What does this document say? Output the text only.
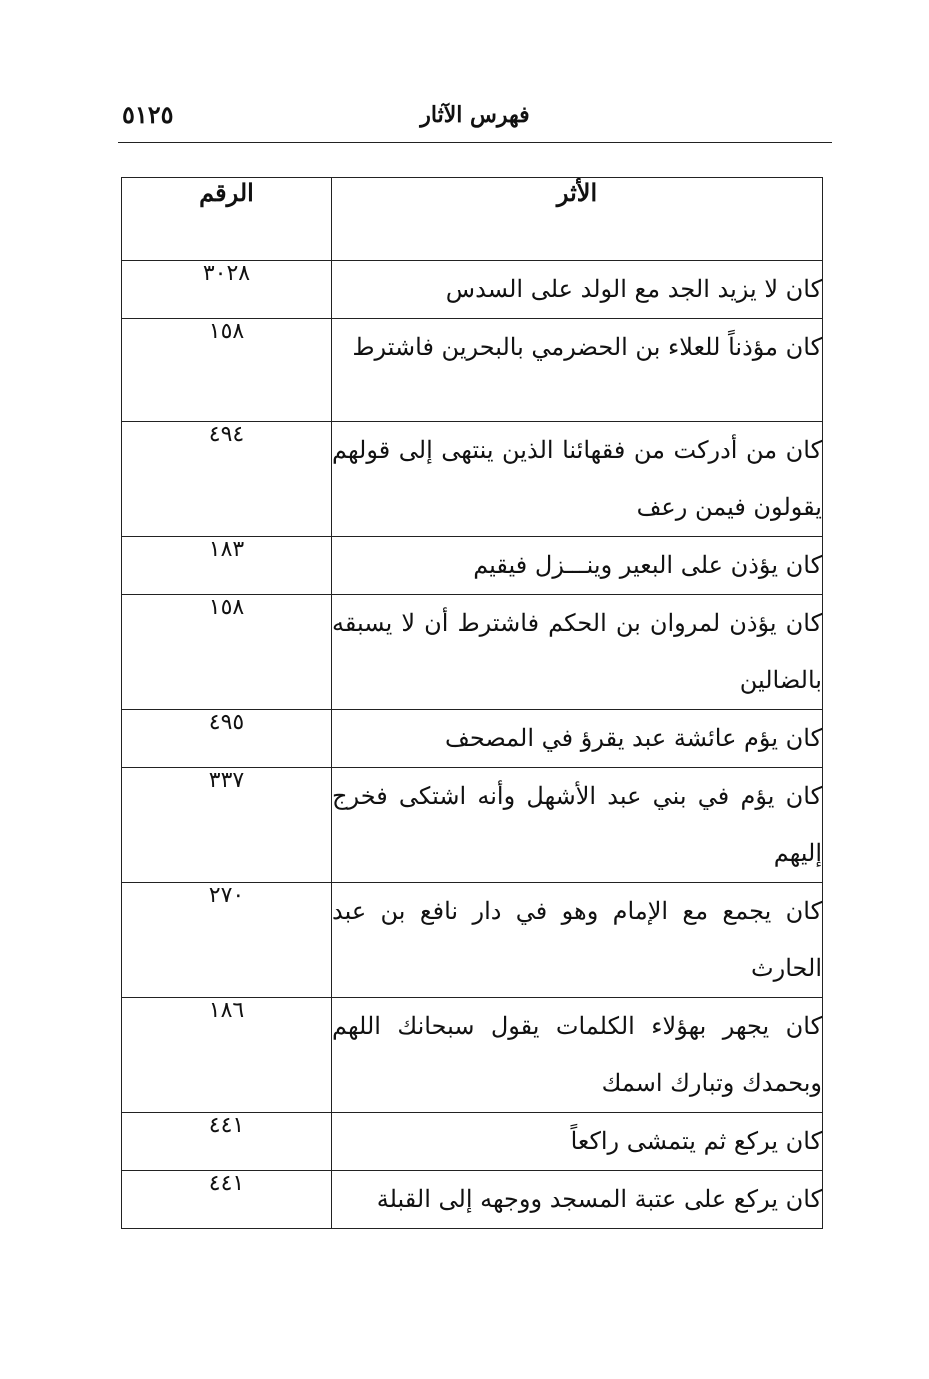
فهرس الآثار
٥١٢٥
الأثر	الرقم
كان لا يزيد الجد مع الولد على السدس	٣٠٢٨
كان مؤذناً للعلاء بن الحضرمي بالبحرين فاشترط	١٥٨
كان من أدركت من فقهائنا الذين ينتهى إلى قولهم يقولون فيمن رعف	٤٩٤
كان يؤذن على البعير وينـــزل فيقيم	١٨٣
كان يؤذن لمروان بن الحكم فاشترط أن لا يسبقه بالضالين	١٥٨
كان يؤم عائشة عبد يقرؤ في المصحف	٤٩٥
كان يؤم في بني عبد الأشهل وأنه اشتكى فخرج إليهم	٣٣٧
كان يجمع مع الإمام وهو في دار نافع بن عبد الحارث	٢٧٠
كان يجهر بهؤلاء الكلمات يقول سبحانك اللهم وبحمدك وتبارك اسمك	١٨٦
كان يركع ثم يتمشى راكعاً	٤٤١
كان يركع على عتبة المسجد ووجهه إلى القبلة	٤٤١
